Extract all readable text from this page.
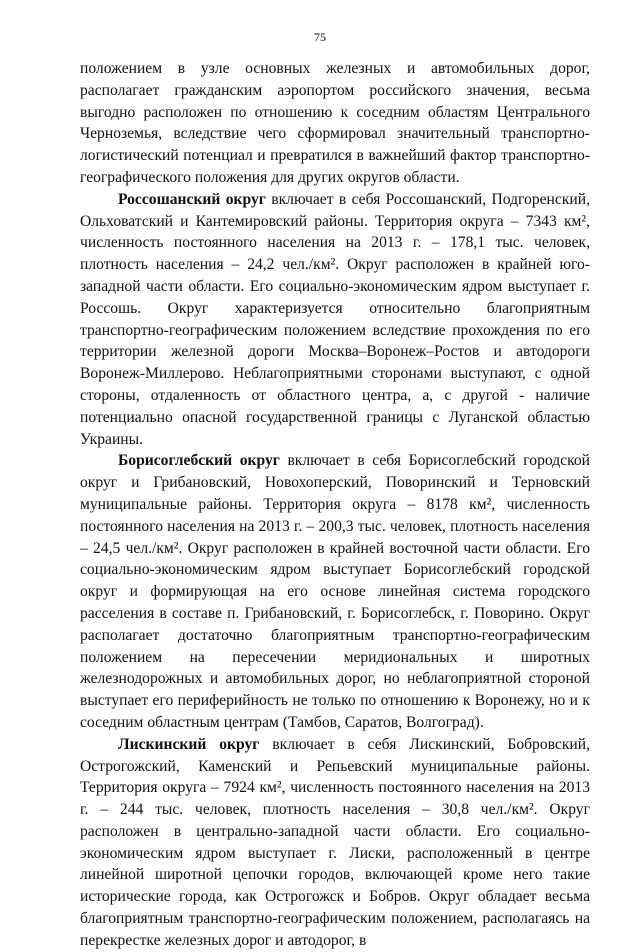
75

положением в узле основных железных и автомобильных дорог, располагает гражданским аэропортом российского значения, весьма выгодно расположен по отношению к соседним областям Центрального Черноземья, вследствие чего сформировал значительный транспортно-логистический потенциал и превратился в важнейший фактор транспортно-географического положения для других округов области.

Россошанский округ включает в себя Россошанский, Подгоренский, Ольховатский и Кантемировский районы. Территория округа – 7343 км², численность постоянного населения на 2013 г. – 178,1 тыс. человек, плотность населения – 24,2 чел./км². Округ расположен в крайней юго-западной части области. Его социально-экономическим ядром выступает г. Россошь. Округ характеризуется относительно благоприятным транспортно-географическим положением вследствие прохождения по его территории железной дороги Москва–Воронеж–Ростов и автодороги Воронеж-Миллерово. Неблагоприятными сторонами выступают, с одной стороны, отдаленность от областного центра, а, с другой - наличие потенциально опасной государственной границы с Луганской областью Украины.

Борисоглебский округ включает в себя Борисоглебский городской округ и Грибановский, Новохоперский, Поворинский и Терновский муниципальные районы. Территория округа – 8178 км², численность постоянного населения на 2013 г. – 200,3 тыс. человек, плотность населения – 24,5 чел./км². Округ расположен в крайней восточной части области. Его социально-экономическим ядром выступает Борисоглебский городской округ и формирующая на его основе линейная система городского расселения в составе п. Грибановский, г. Борисоглебск, г. Поворино. Округ располагает достаточно благоприятным транспортно-географическим положением на пересечении меридиональных и широтных железнодорожных и автомобильных дорог, но неблагоприятной стороной выступает его периферийность не только по отношению к Воронежу, но и к соседним областным центрам (Тамбов, Саратов, Волгоград).

Лискинский округ включает в себя Лискинский, Бобровский, Острогожский, Каменский и Репьевский муниципальные районы. Территория округа – 7924 км², численность постоянного населения на 2013 г. – 244 тыс. человек, плотность населения – 30,8 чел./км². Округ расположен в центрально-западной части области. Его социально-экономическим ядром выступает г. Лиски, расположенный в центре линейной широтной цепочки городов, включающей кроме него такие исторические города, как Острогожск и Бобров. Округ обладает весьма благоприятным транспортно-географическим положением, располагаясь на перекрестке железных дорог и автодорог, в
